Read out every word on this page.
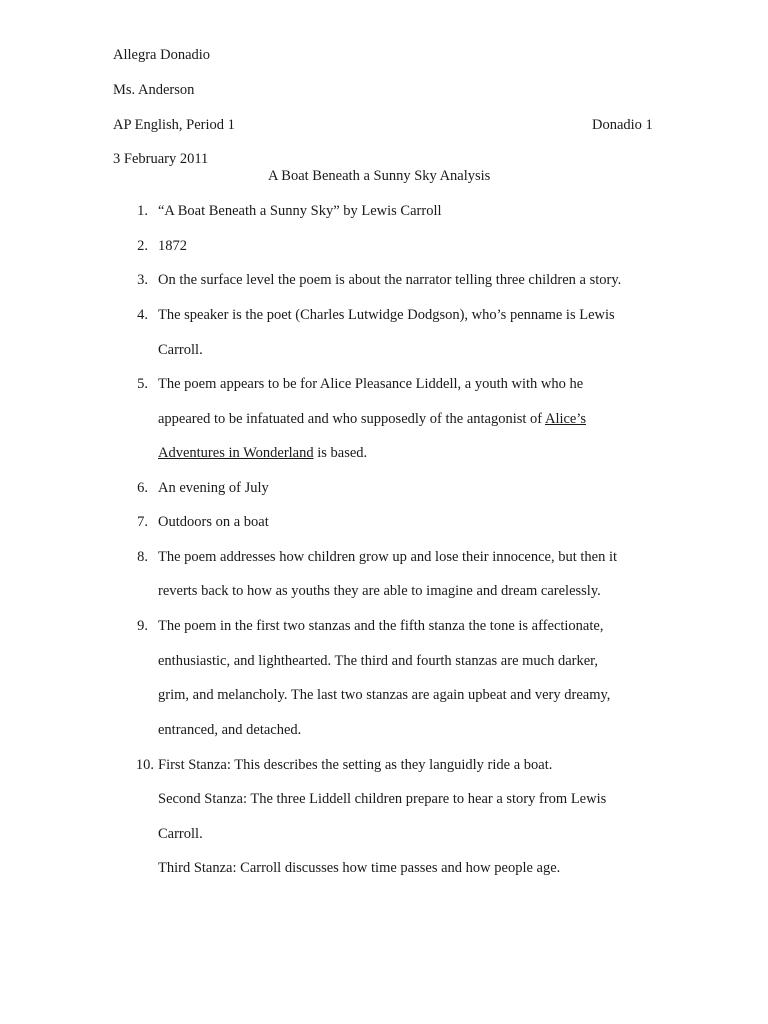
Allegra Donadio
Ms. Anderson
AP English, Period 1	Donadio 1
3 February 2011
A Boat Beneath a Sunny Sky Analysis
1. “A Boat Beneath a Sunny Sky” by Lewis Carroll
2. 1872
3. On the surface level the poem is about the narrator telling three children a story.
4. The speaker is the poet (Charles Lutwidge Dodgson), who’s penname is Lewis
Carroll.
5. The poem appears to be for Alice Pleasance Liddell, a youth with who he
appeared to be infatuated and who supposedly of the antagonist of Alice’s
Adventures in Wonderland is based.
6. An evening of July
7. Outdoors on a boat
8. The poem addresses how children grow up and lose their innocence, but then it
reverts back to how as youths they are able to imagine and dream carelessly.
9. The poem in the first two stanzas and the fifth stanza the tone is affectionate,
enthusiastic, and lighthearted. The third and fourth stanzas are much darker,
grim, and melancholy. The last two stanzas are again upbeat and very dreamy,
entranced, and detached.
10. First Stanza: This describes the setting as they languidly ride a boat.
Second Stanza: The three Liddell children prepare to hear a story from Lewis
Carroll.
Third Stanza: Carroll discusses how time passes and how people age.
